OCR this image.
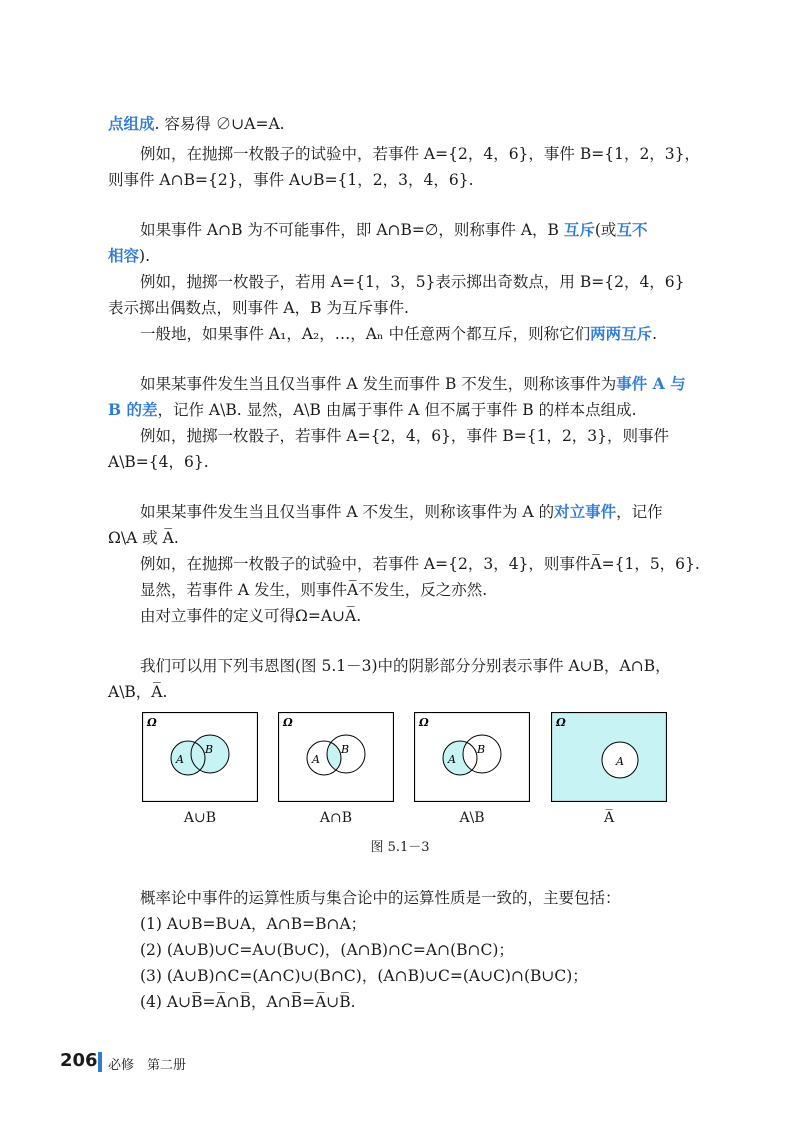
点组成. 容易得 ∅∪A=A.
例如，在抛掷一枚骰子的试验中，若事件 A={2，4，6}，事件 B={1，2，3}，
则事件 A∩B={2}，事件 A∪B={1，2，3，4，6}.
如果事件 A∩B 为不可能事件，即 A∩B=∅，则称事件 A，B 互斥(或互不
相容).
例如，抛掷一枚骰子，若用 A={1，3，5}表示掷出奇数点，用 B={2，4，6}
表示掷出偶数点，则事件 A，B 为互斥事件.
一般地，如果事件 A₁，A₂，…，Aₙ 中任意两个都互斥，则称它们两两互斥.
如果某事件发生当且仅当事件 A 发生而事件 B 不发生，则称该事件为事件 A 与
B 的差，记作 A\B. 显然，A\B 由属于事件 A 但不属于事件 B 的样本点组成.
例如，抛掷一枚骰子，若事件 A={2，4，6}，事件 B={1，2，3}，则事件
A\B={4，6}.
如果某事件发生当且仅当事件 A 不发生，则称该事件为 A 的对立事件，记作
Ω\A 或 A̅.
例如，在抛掷一枚骰子的试验中，若事件 A={2，3，4}，则事件A̅={1，5，6}.
显然，若事件 A 发生，则事件A̅不发生，反之亦然.
由对立事件的定义可得Ω=A∪A̅.
我们可以用下列韦恩图(图 5.1－3)中的阴影部分分别表示事件 A∪B，A∩B，
A\B，A̅.
Ω
A
B
Ω
A
B
Ω
A
B
Ω
A
A∪B	A∩B	A\B	A̅
图 5.1－3
概率论中事件的运算性质与集合论中的运算性质是一致的，主要包括：
(1) A∪B=B∪A，A∩B=B∩A；
(2) (A∪B)∪C=A∪(B∪C)，(A∩B)∩C=A∩(B∩C)；
(3) (A∪B)∩C=(A∩C)∪(B∩C)，(A∩B)∪C=(A∪C)∩(B∪C)；
(4) A∪B̅̅̅̅=A̅∩B̅，A∩B̅̅̅̅=A̅∪B̅.
206 必修　第二册
